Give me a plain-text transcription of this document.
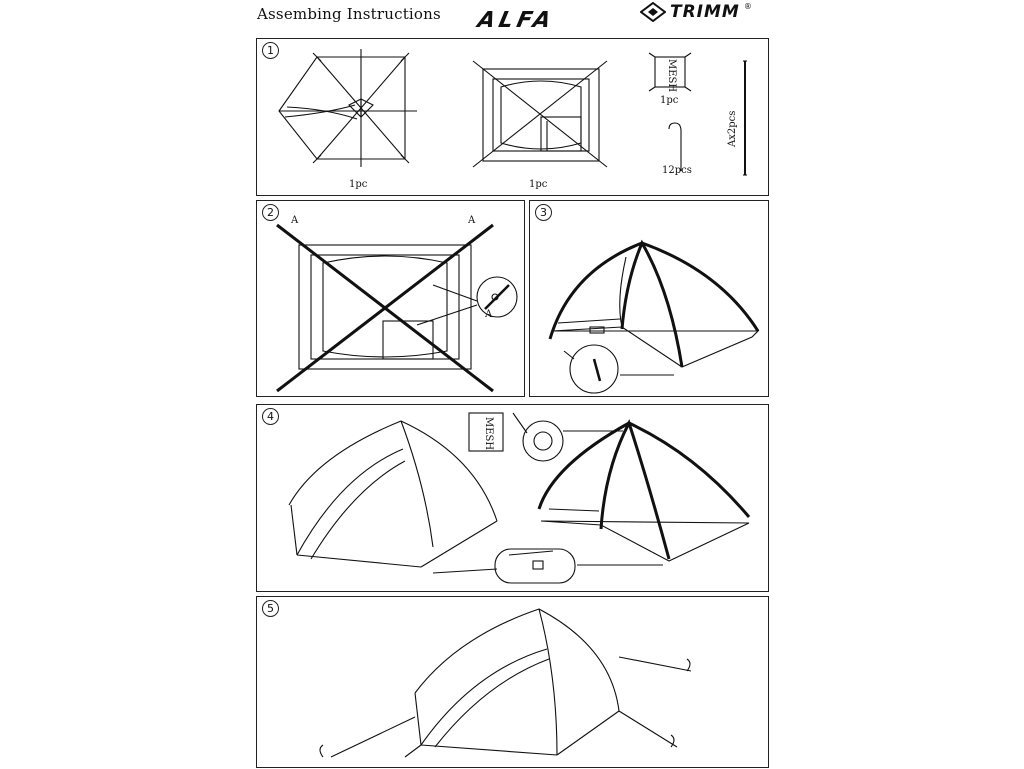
Assembing Instructions ALFA	TRIMM ®
1
1pc	1pc
MESH
1pc
12pcs
Ax2pcs
2
A	A
A
3
4
MESH
5
